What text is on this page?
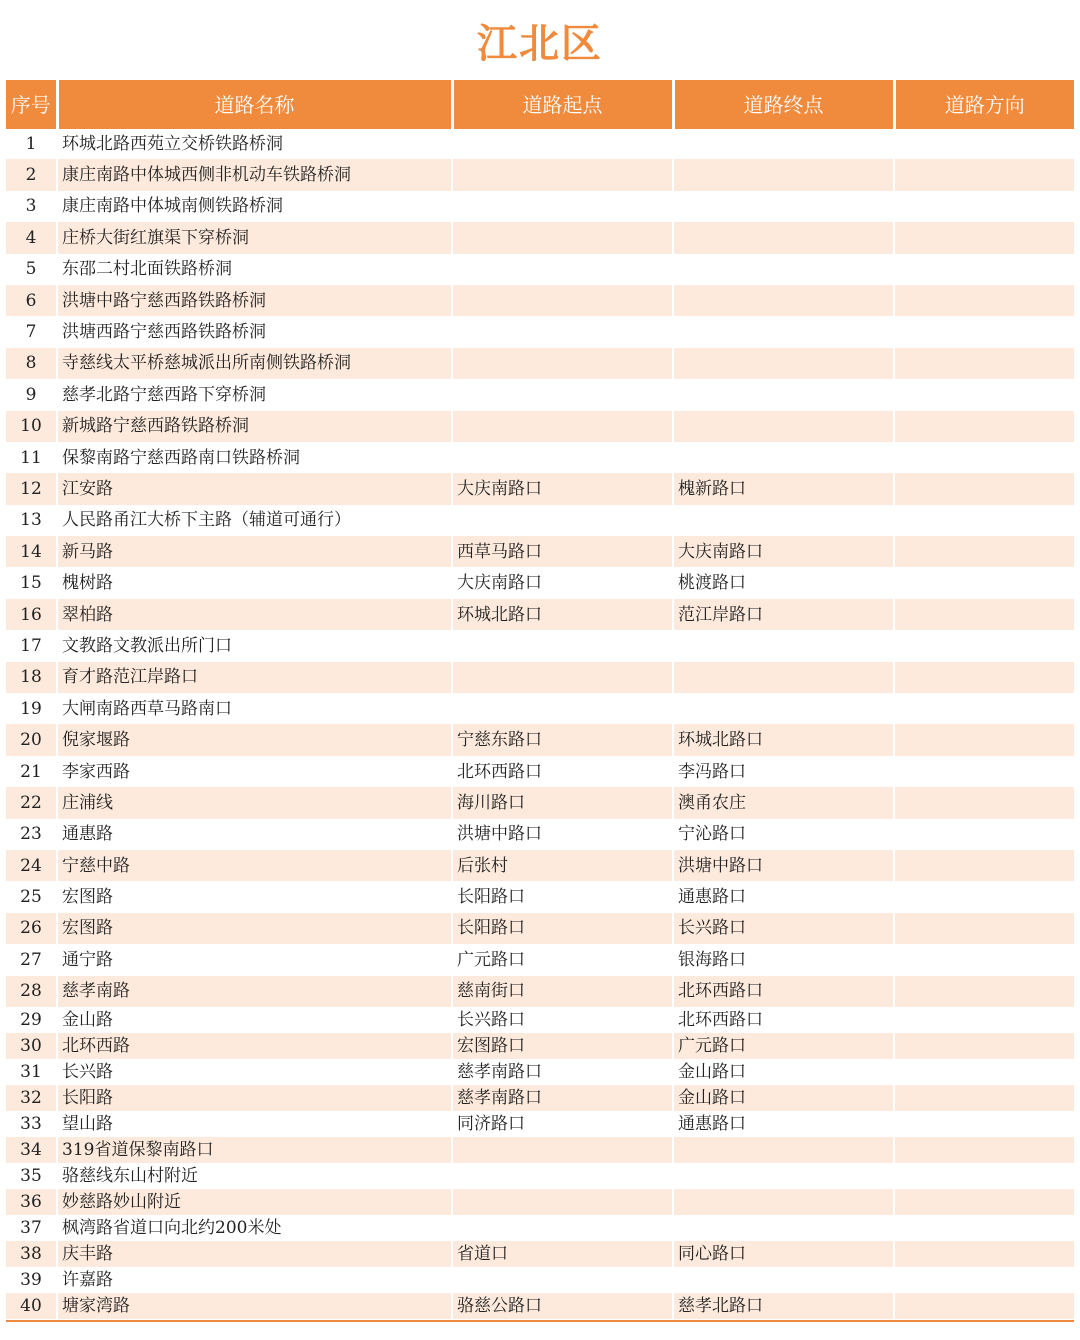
江北区
序号	道路名称	道路起点	道路终点	道路方向
1	环城北路西苑立交桥铁路桥洞			
2	康庄南路中体城西侧非机动车铁路桥洞			
3	康庄南路中体城南侧铁路桥洞			
4	庄桥大街红旗渠下穿桥洞			
5	东邵二村北面铁路桥洞			
6	洪塘中路宁慈西路铁路桥洞			
7	洪塘西路宁慈西路铁路桥洞			
8	寺慈线太平桥慈城派出所南侧铁路桥洞			
9	慈孝北路宁慈西路下穿桥洞			
10	新城路宁慈西路铁路桥洞			
11	保黎南路宁慈西路南口铁路桥洞			
12	江安路	大庆南路口	槐新路口	
13	人民路甬江大桥下主路（辅道可通行）			
14	新马路	西草马路口	大庆南路口	
15	槐树路	大庆南路口	桃渡路口	
16	翠柏路	环城北路口	范江岸路口	
17	文教路文教派出所门口			
18	育才路范江岸路口			
19	大闸南路西草马路南口			
20	倪家堰路	宁慈东路口	环城北路口	
21	李家西路	北环西路口	李冯路口	
22	庄浦线	海川路口	澳甬农庄	
23	通惠路	洪塘中路口	宁沁路口	
24	宁慈中路	后张村	洪塘中路口	
25	宏图路	长阳路口	通惠路口	
26	宏图路	长阳路口	长兴路口	
27	通宁路	广元路口	银海路口	
28	慈孝南路	慈南街口	北环西路口	
29	金山路	长兴路口	北环西路口	
30	北环西路	宏图路口	广元路口	
31	长兴路	慈孝南路口	金山路口	
32	长阳路	慈孝南路口	金山路口	
33	望山路	同济路口	通惠路口	
34	319省道保黎南路口			
35	骆慈线东山村附近			
36	妙慈路妙山附近			
37	枫湾路省道口向北约200米处			
38	庆丰路	省道口	同心路口	
39	许嘉路			
40	塘家湾路	骆慈公路口	慈孝北路口	
